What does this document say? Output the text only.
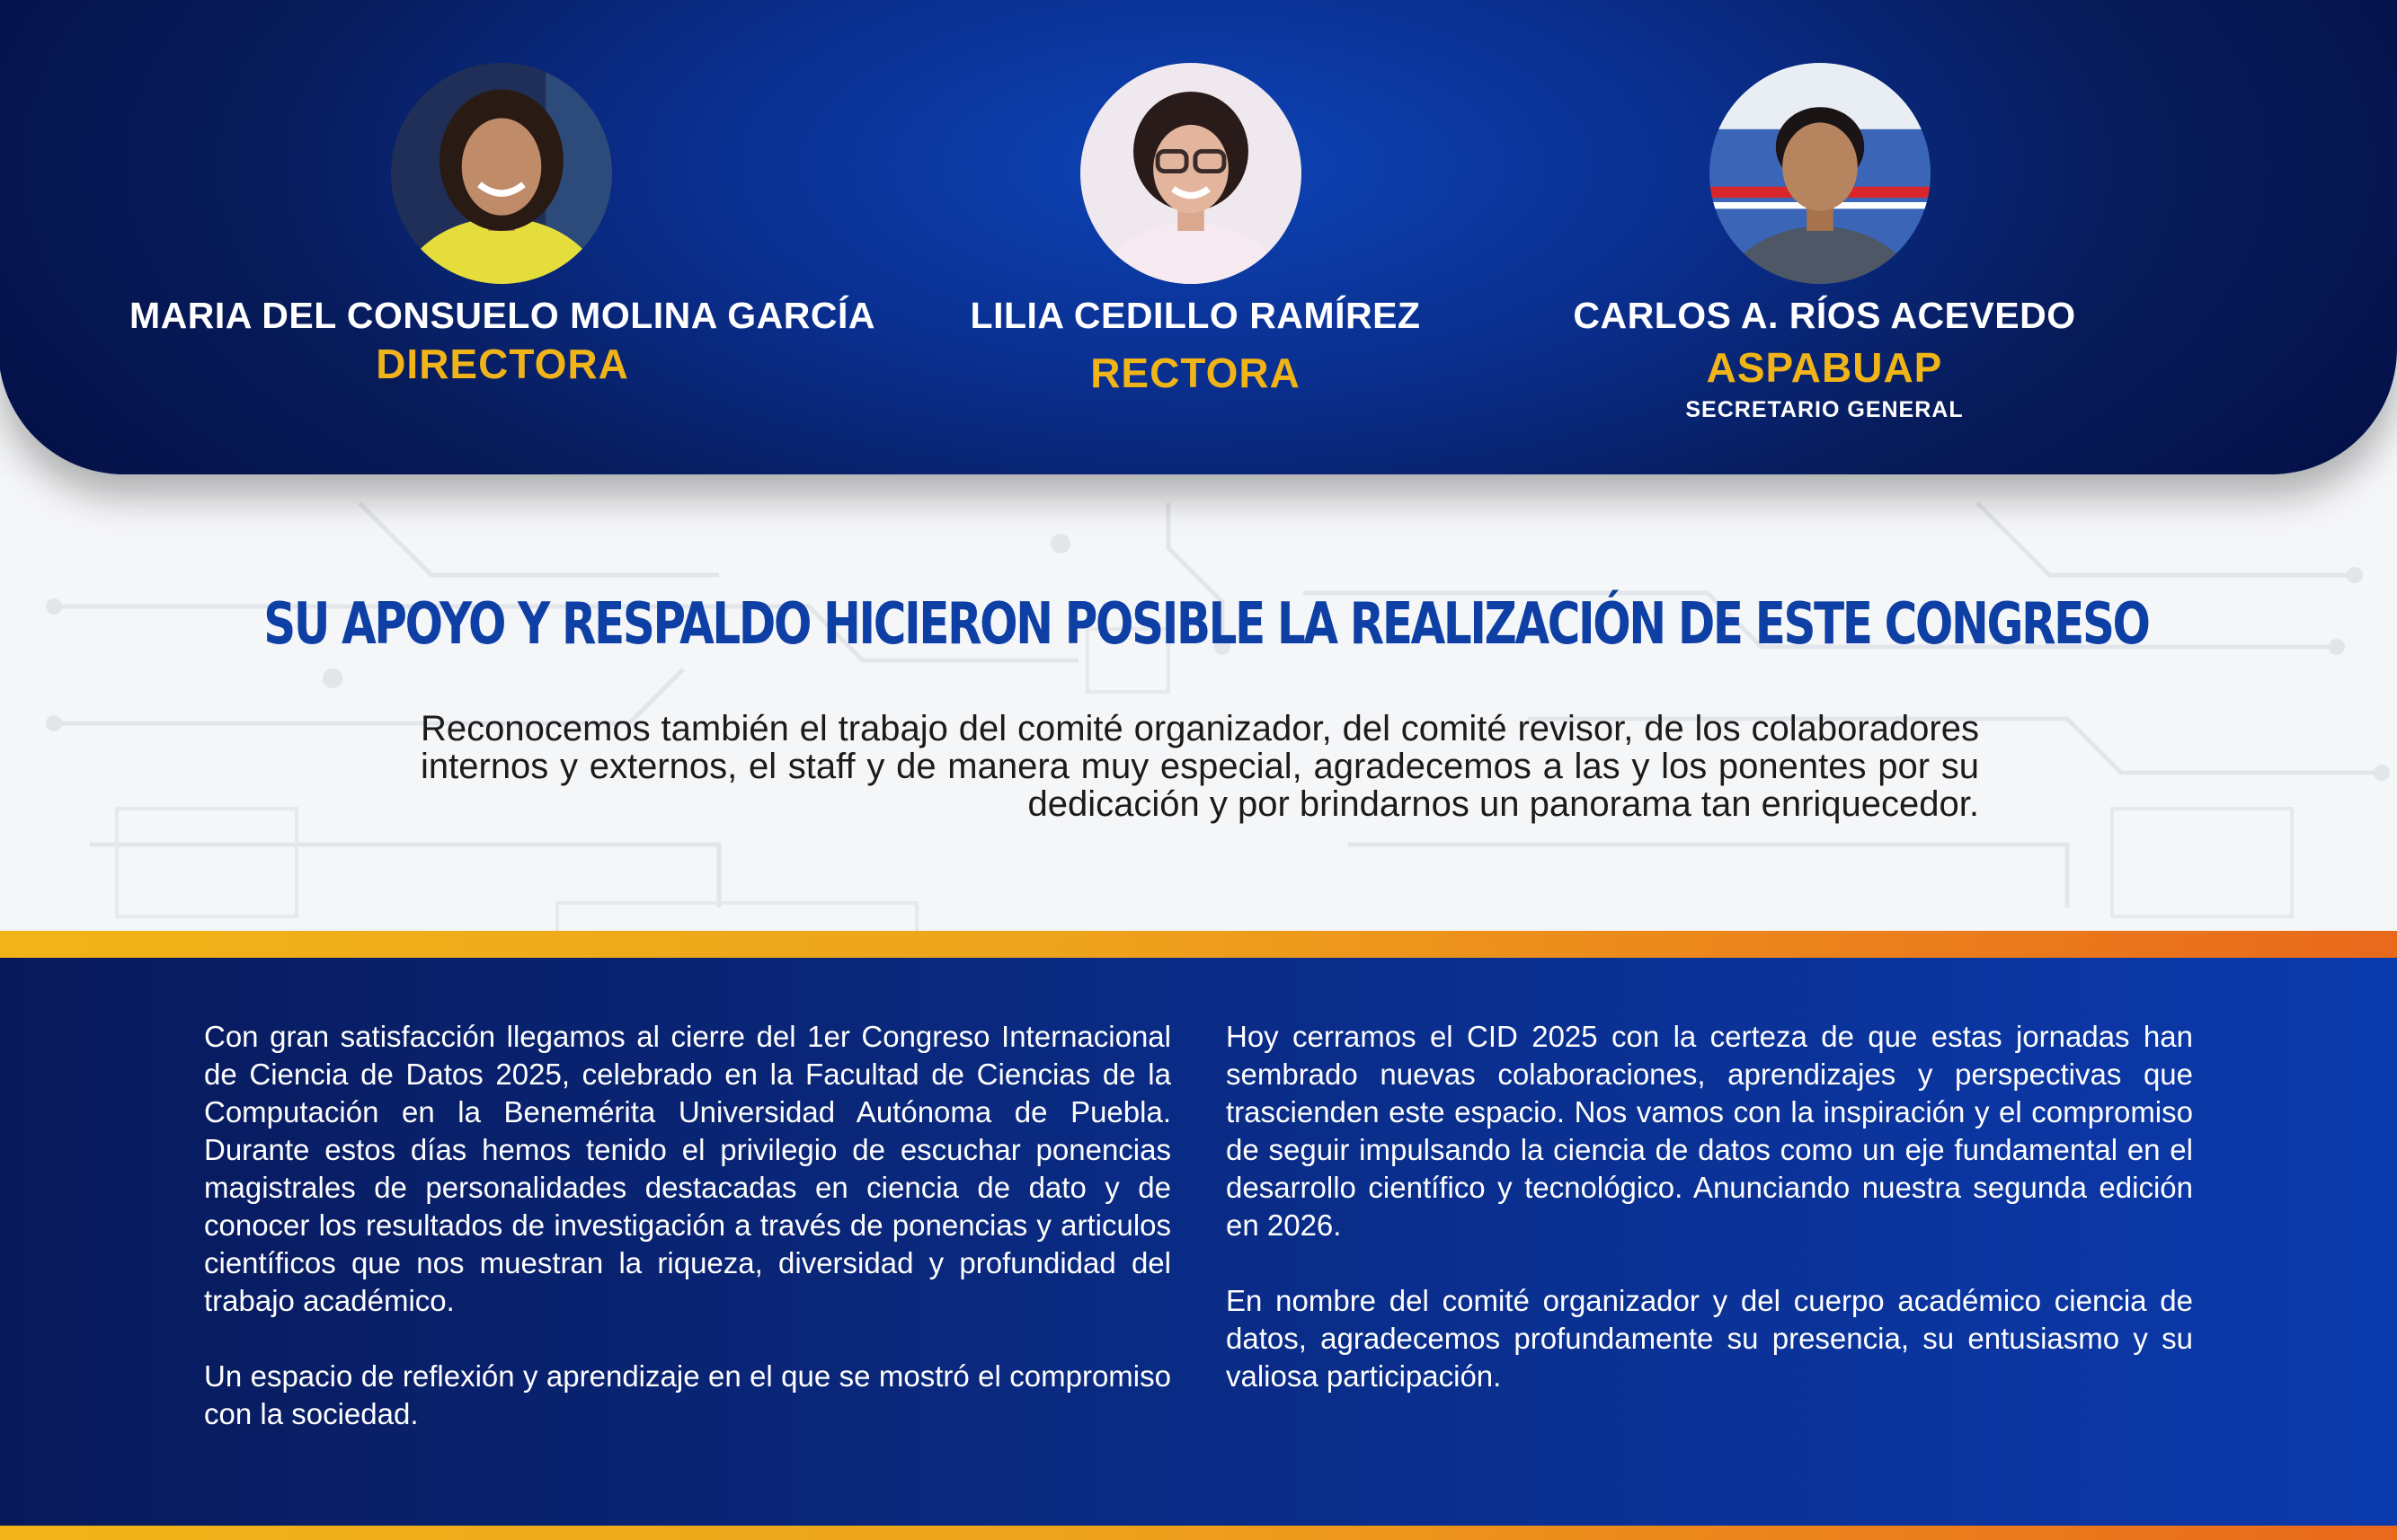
MARIA DEL CONSUELO MOLINA GARCÍA
DIRECTORA
LILIA CEDILLO RAMÍREZ
RECTORA
CARLOS A. RÍOS ACEVEDO
ASPABUAP
SECRETARIO GENERAL
SU APOYO Y RESPALDO HICIERON POSIBLE LA REALIZACIÓN DE ESTE CONGRESO
Reconocemos también el trabajo del comité organizador, del comité revisor, de los colaboradores internos y externos, el staff y de manera muy especial, agradecemos a las y los ponentes por su dedicación y por brindarnos un panorama tan enriquecedor.

Con gran satisfacción llegamos al cierre del 1er Congreso Internacional de Ciencia de Datos 2025, celebrado en la Facultad de Ciencias de la Computación en la Benemérita Universidad Autónoma de Puebla. Durante estos días hemos tenido el privilegio de escuchar ponencias magistrales de personalidades destacadas en ciencia de dato y de conocer los resultados de investigación a través de ponencias y articulos científicos que nos muestran la riqueza, diversidad y profundidad del trabajo académico.

Un espacio de reflexión y aprendizaje en el que se mostró el compromiso con la sociedad.

Hoy cerramos el CID 2025 con la certeza de que estas jornadas han sembrado nuevas colaboraciones, aprendizajes y perspectivas que trascienden este espacio. Nos vamos con la inspiración y el compromiso de seguir impulsando la ciencia de datos como un eje fundamental en el desarrollo científico y tecnológico. Anunciando nuestra segunda edición en 2026.

En nombre del comité organizador y del cuerpo académico ciencia de datos, agradecemos profundamente su presencia, su entusiasmo y su valiosa participación.
